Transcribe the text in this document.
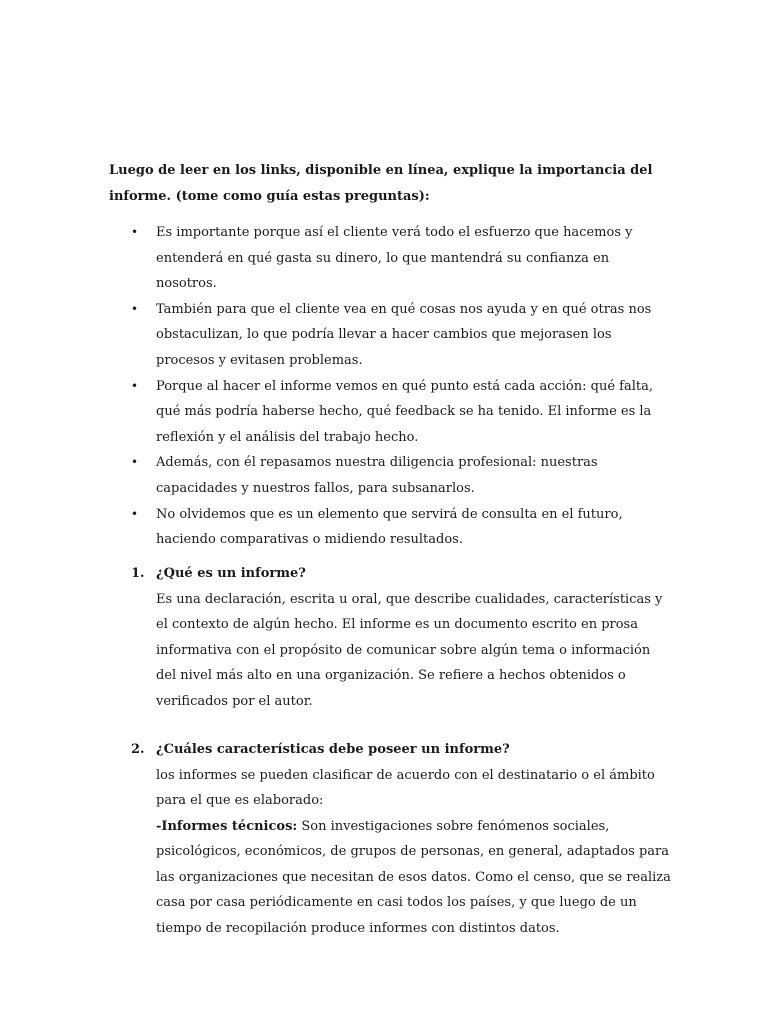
Luego de leer en los links, disponible en línea, explique la importancia del informe. (tome como guía estas preguntas):

•	Es importante porque así el cliente verá todo el esfuerzo que hacemos y entenderá en qué gasta su dinero, lo que mantendrá su confianza en nosotros.
•	También para que el cliente vea en qué cosas nos ayuda y en qué otras nos obstaculizan, lo que podría llevar a hacer cambios que mejorasen los procesos y evitasen problemas.
•	Porque al hacer el informe vemos en qué punto está cada acción: qué falta, qué más podría haberse hecho, qué feedback se ha tenido. El informe es la reflexión y el análisis del trabajo hecho.
•	Además, con él repasamos nuestra diligencia profesional: nuestras capacidades y nuestros fallos, para subsanarlos.
•	No olvidemos que es un elemento que servirá de consulta en el futuro, haciendo comparativas o midiendo resultados.
1. ¿Qué es un informe?

Es una declaración, escrita u oral, que describe cualidades, características y el contexto de algún hecho. El informe es un documento escrito en prosa informativa con el propósito de comunicar sobre algún tema o información del nivel más alto en una organización. Se refiere a hechos obtenidos o verificados por el autor.

2. ¿Cuáles características debe poseer un informe?

los informes se pueden clasificar de acuerdo con el destinatario o el ámbito para el que es elaborado:

-Informes técnicos: Son investigaciones sobre fenómenos sociales, psicológicos, económicos, de grupos de personas, en general, adaptados para las organizaciones que necesitan de esos datos. Como el censo, que se realiza casa por casa periódicamente en casi todos los países, y que luego de un tiempo de recopilación produce informes con distintos datos.
